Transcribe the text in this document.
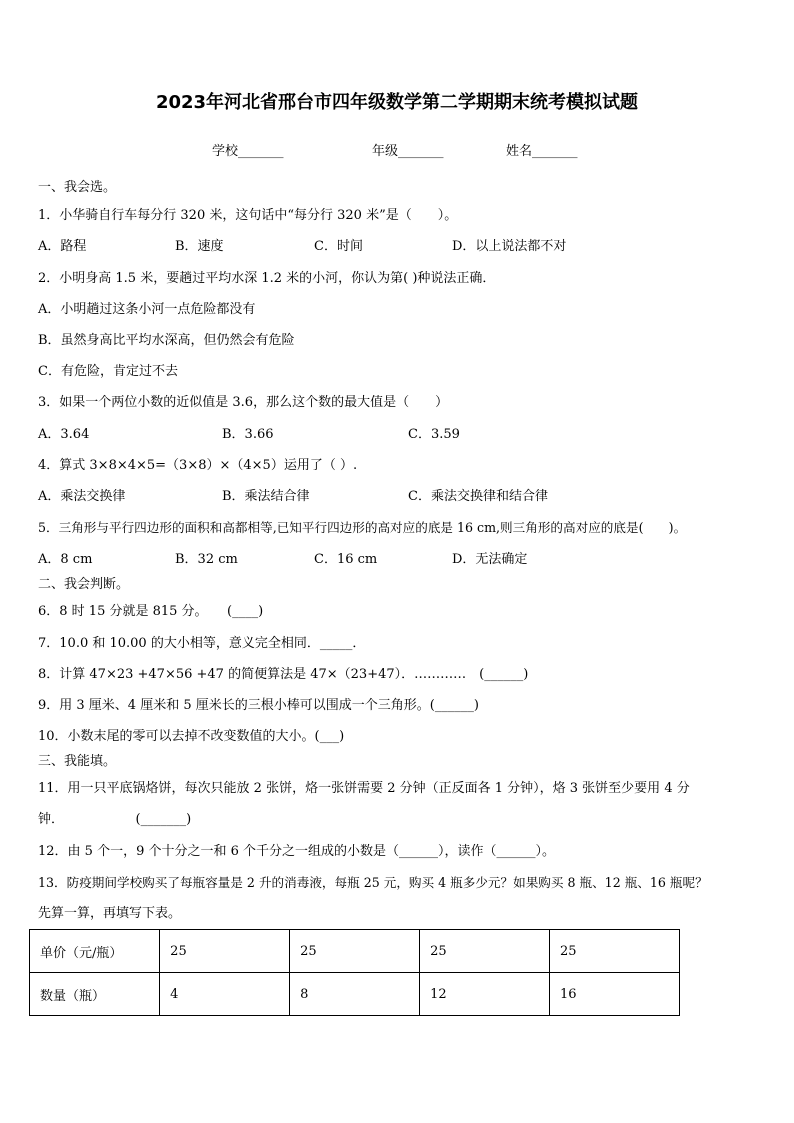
2023年河北省邢台市四年级数学第二学期期末统考模拟试题
学校_______	年级_______	姓名_______
一、我会选。
1．小华骑自行车每分行 320 米，这句话中“每分行 320 米”是（　　）。
A．路程	B．速度	C．时间	D．以上说法都不对
2．小明身高 1.5 米，要趟过平均水深 1.2 米的小河，你认为第( )种说法正确．
A．小明趟过这条小河一点危险都没有
B．虽然身高比平均水深高，但仍然会有危险
C．有危险，肯定过不去
3．如果一个两位小数的近似值是 3.6，那么这个数的最大值是（　　）
A．3.64	B．3.66	C．3.59
4．算式 3×8×4×5=（3×8）×（4×5）运用了（ ）.
A．乘法交换律	B．乘法结合律	C．乘法交换律和结合律
5．三角形与平行四边形的面积和高都相等,已知平行四边形的高对应的底是 16 cm,则三角形的高对应的底是(　　)。
A．8 cm	B．32 cm	C．16 cm	D．无法确定
二、我会判断。
6．8 时 15 分就是 815 分。　　(____)
7．10.0 和 10.00 的大小相等，意义完全相同．_____．
8．计算 47×23 +47×56 +47 的简便算法是 47×（23+47）．…………　(______)
9．用 3 厘米、4 厘米和 5 厘米长的三根小棒可以围成一个三角形。(______)
10．小数末尾的零可以去掉不改变数值的大小。(___)
三、我能填。
11．用一只平底锅烙饼，每次只能放 2 张饼，烙一张饼需要 2 分钟（正反面各 1 分钟），烙 3 张饼至少要用 4 分
钟．　　　　　　(_______)
12．由 5 个一，9 个十分之一和 6 个千分之一组成的小数是（______），读作（______）。
13．防疫期间学校购买了每瓶容量是 2 升的消毒液，每瓶 25 元，购买 4 瓶多少元？如果购买 8 瓶、12 瓶、16 瓶呢？
先算一算，再填写下表。
单价（元/瓶）	25	25	25	25
数量（瓶）	4	8	12	16
